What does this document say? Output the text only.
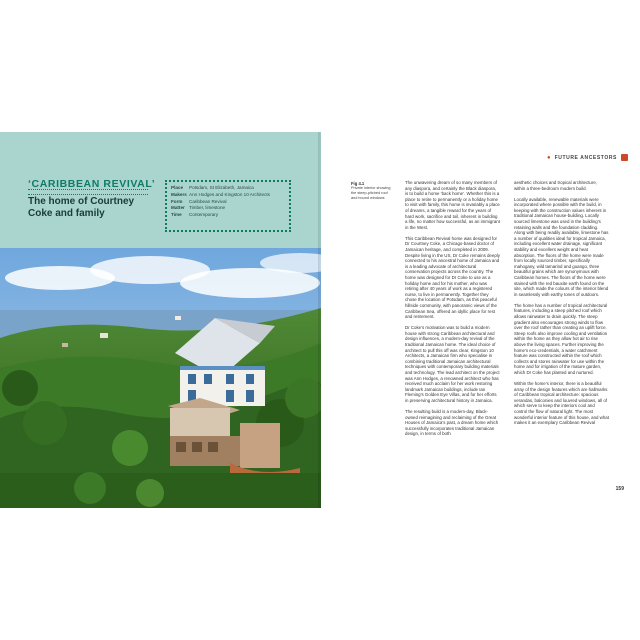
‘CARIBBEAN REVIVAL’
The home of Courtney Coke and family
Place	Potsdam, St Elizabeth, Jamaica
Makers Ann Hodges and Kingston 10 Architects
Form	Caribbean Revival
Matter Timber, limestone
Time	Contemporary
● FUTURE ANCESTORS
Fig 4.1
Private interior showing the steep-pitched roof and bound windows

The unwavering dream of so many members of any diaspora, and certainly the Black diaspora, is to build a home ‘back home’. Whether this is a place to retire to permanently or a holiday home to visit with family, this home is invariably a place of dreams, a tangible reward for the years of hard work, sacrifice and toil, inherent in building a life, no matter how successful, as an immigrant in the West.

This Caribbean Revival home was designed for Dr Courtney Coke, a Chicago-based doctor of Jamaican heritage, and completed in 2009. Despite living in the US, Dr Coke remains deeply connected to his ancestral home of Jamaica and is a leading advocate of architectural conservation projects across the country. The home was designed for Dr Coke to use as a holiday home and for his mother, who was retiring after 40 years of work as a registered nurse, to live in permanently. Together they chose the location of Potsdam, as this peaceful hillside community, with panoramic views of the Caribbean Sea, offered an idyllic place for rest and retirement.

Dr Coke’s motivation was to build a modern house with strong Caribbean architectural and design influences, a modern-day revival of the traditional Jamaican home. The ideal choice of architect to pull this off was clear, Kingston 10 Architects, a Jamaican firm who specialise in combining traditional Jamaican architectural techniques with contemporary building materials and technology. The lead architect on the project was Ann Hodges, a renowned architect who has received much acclaim for her work restoring landmark Jamaican buildings, include Ian Fleming’s Golden Eye Villas, and for her efforts in preserving architectural history in Jamaica.

The resulting build is a modern-day, Black-owned reimagining and reclaiming of the Great Houses of Jamaica’s past, a dream home which successfully incorporates traditional Jamaican design, in terms of both

aesthetic choices and tropical architecture, within a three-bedroom modern build.

Locally available, renewable materials were incorporated where possible with the build, in keeping with the construction values inherent in traditional Jamaican house-building. Locally sourced limestone was used in the building’s retaining walls and the foundation cladding. Along with being readily available, limestone has a number of qualities ideal for tropical Jamaica, including excellent water drainage, significant stability and excellent weight and heat absorption. The floors of the home were made from locally sourced timber, specifically mahogany, wild tamarind and guango, three beautiful grains which are synonymous with Caribbean homes. The floors of the home were stained with the red bauxite earth found on the site, which made the colours of the interior blend in seamlessly with earthy tones of outdoors.

The home has a number of tropical architectural features, including a steep pitched roof which allows rainwater to drain quickly. The steep gradient also encourages strong winds to flow over the roof rather than creating an uplift force. Steep roofs also improve cooling and ventilation within the home as they allow hot air to rise above the living spaces. Further improving the home’s eco-credentials, a water catchment feature was constructed within the roof which collects and stores rainwater for use within the home and for irrigation of the mature garden, which Dr Coke has planted and nurtured.

Within the home’s interior, there is a beautiful array of the design features which are hallmarks of Caribbean tropical architecture: spacious verandas, balconies and louvred windows, all of which serve to keep the interiors cool and control the flow of natural light. The most wonderful interior feature of this house, and what makes it an exemplary Caribbean Revival

159
